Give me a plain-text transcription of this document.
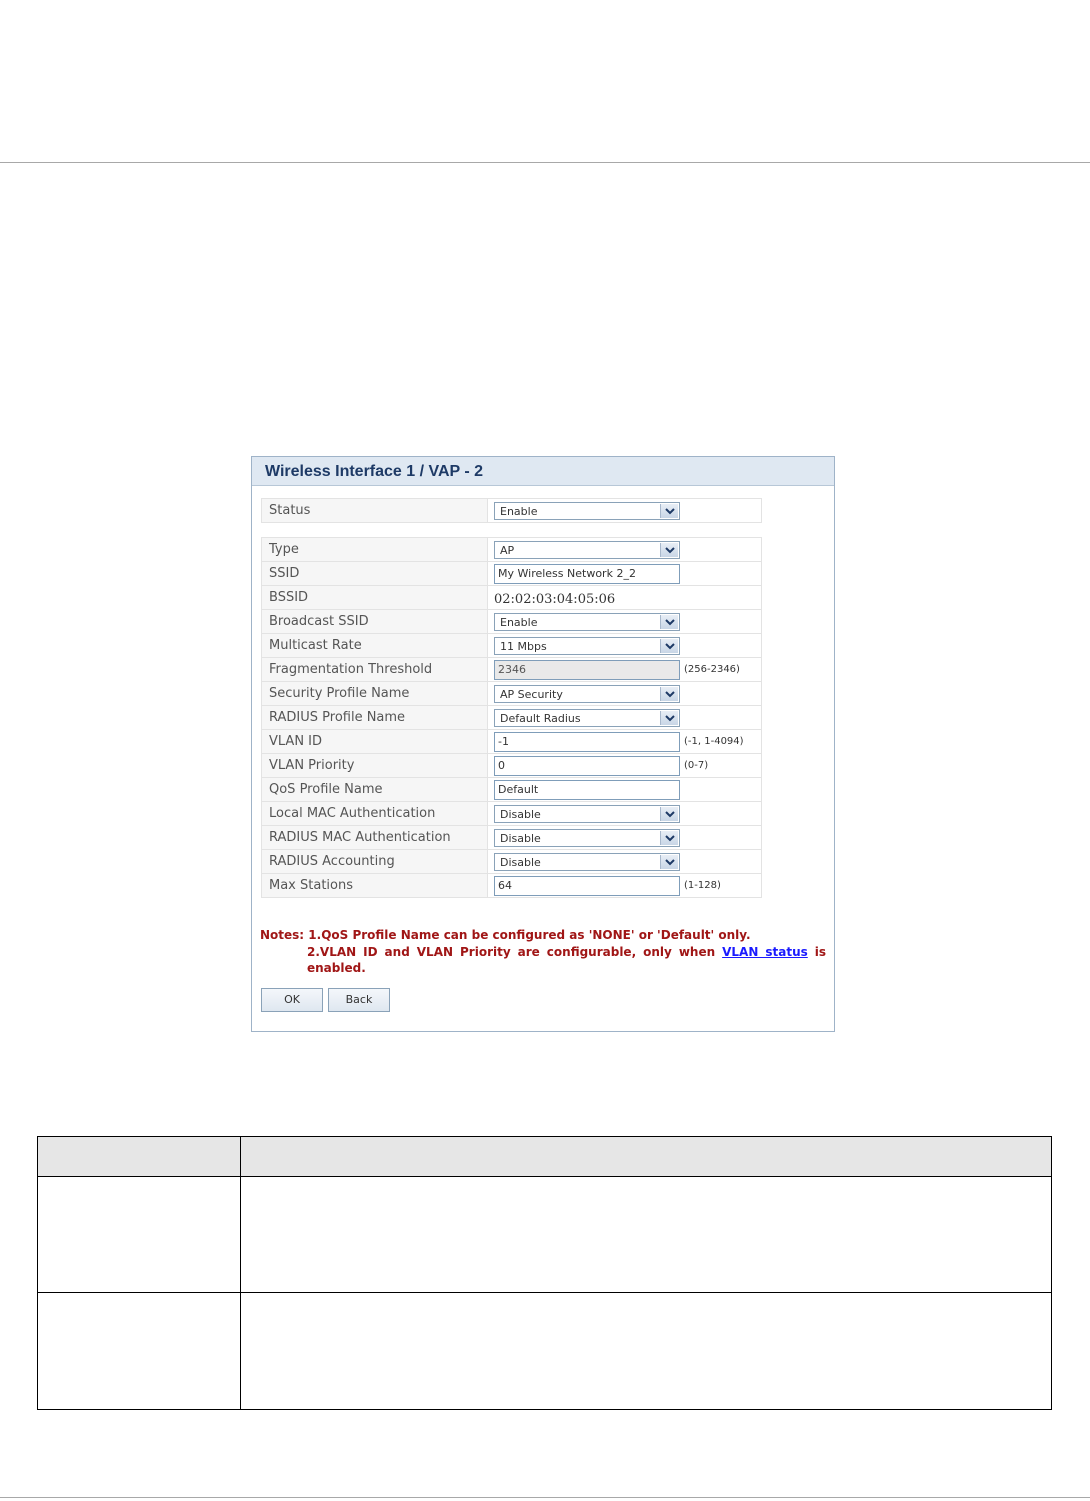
Wireless Interface 1 / VAP - 2
Status	Enable
Type	AP

SSID	My Wireless Network 2_2
BSSID	02:02:03:04:05:06
Broadcast SSID	Enable

Multicast Rate	11 Mbps

Fragmentation Threshold	2346 (256-2346)

Security Profile Name	AP Security

RADIUS Profile Name	Default Radius

VLAN ID	-1 (-1, 1-4094)

VLAN Priority	0 (0-7)

QoS Profile Name	Default
Local MAC Authentication	Disable

RADIUS MAC Authentication	Disable

RADIUS Accounting	Disable

Max Stations	64 (1-128)
Notes: 1.QoS Profile Name can be configured as 'NONE' or 'Default' only.
2.VLAN ID and VLAN Priority are configurable, only when VLAN status is enabled.
OK	Back
